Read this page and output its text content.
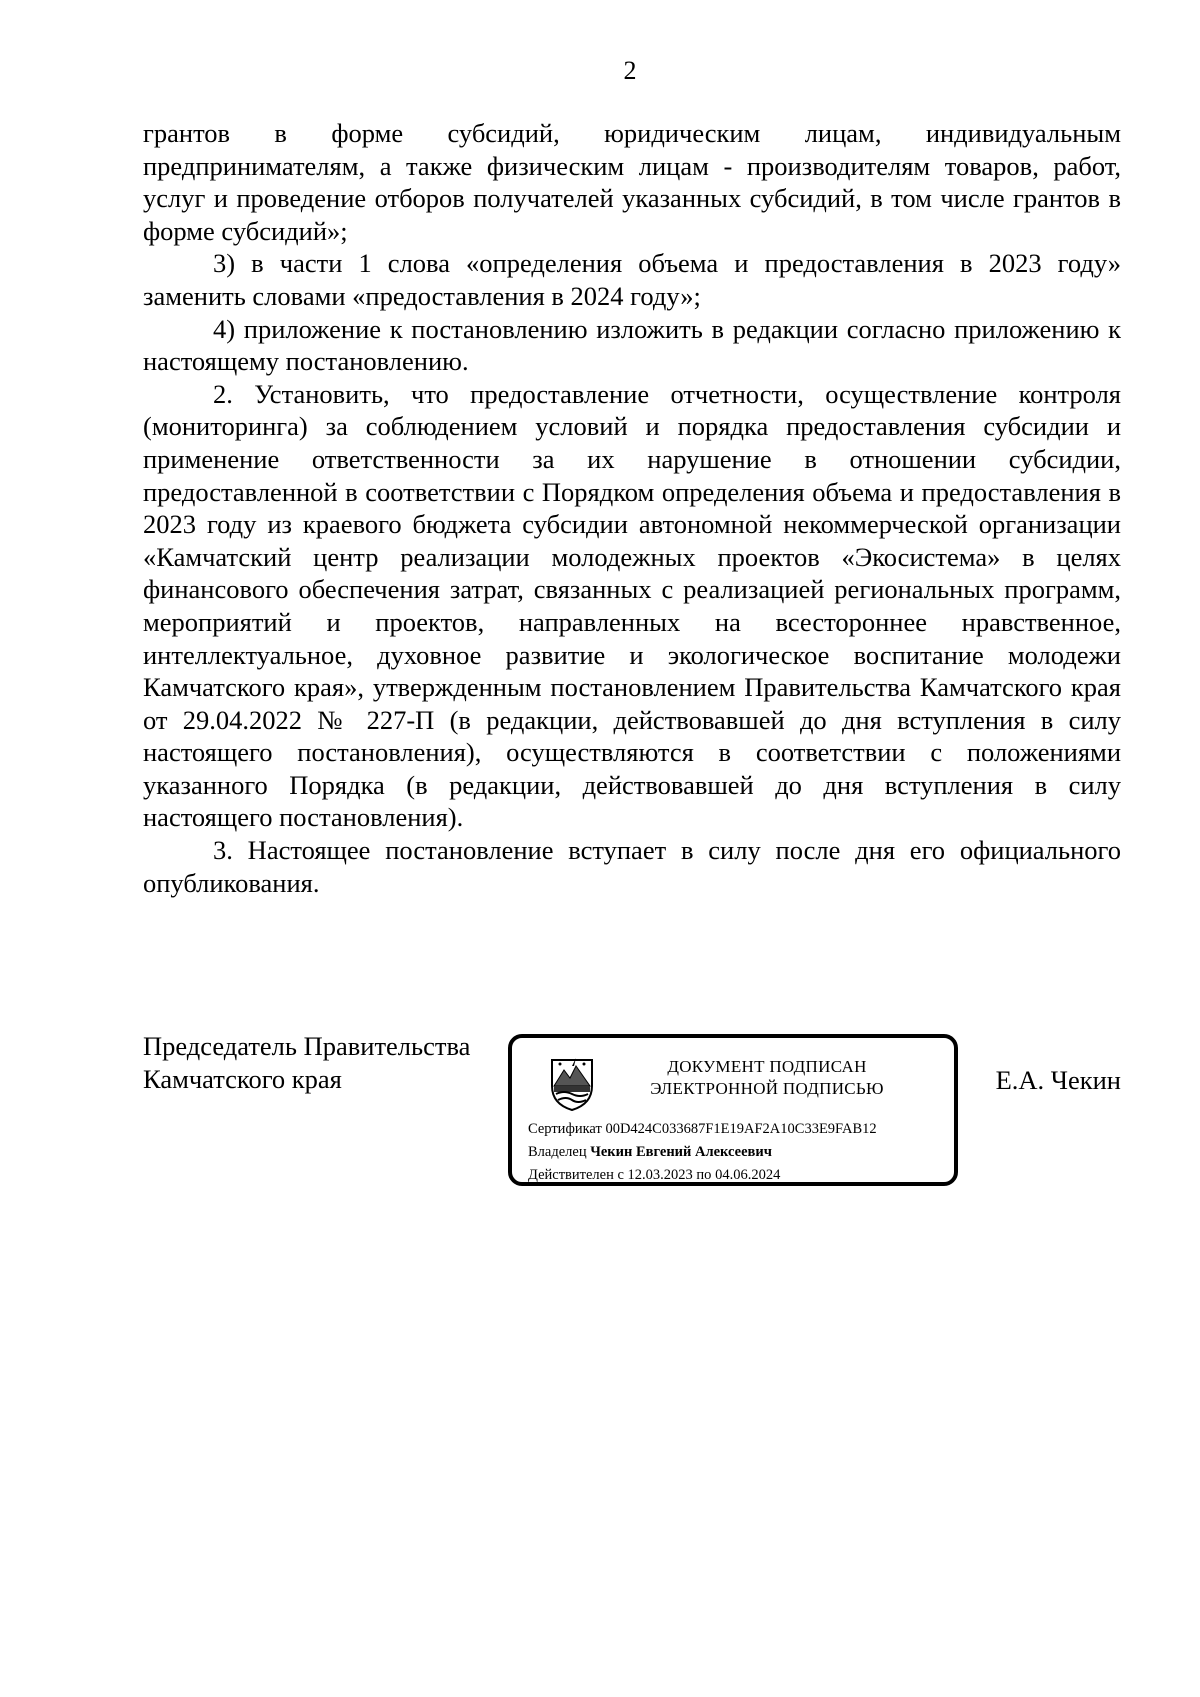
2

грантов в форме субсидий, юридическим лицам, индивидуальным предпринимателям, а также физическим лицам - производителям товаров, работ, услуг и проведение отборов получателей указанных субсидий, в том числе грантов в форме субсидий»;

3) в части 1 слова «определения объема и предоставления в 2023 году» заменить словами «предоставления в 2024 году»;

4) приложение к постановлению изложить в редакции согласно приложению к настоящему постановлению.

2. Установить, что предоставление отчетности, осуществление контроля (мониторинга) за соблюдением условий и порядка предоставления субсидии и применение ответственности за их нарушение в отношении субсидии, предоставленной в соответствии с Порядком определения объема и предоставления в 2023 году из краевого бюджета субсидии автономной некоммерческой организации «Камчатский центр реализации молодежных проектов «Экосистема» в целях финансового обеспечения затрат, связанных с реализацией региональных программ, мероприятий и проектов, направленных на всестороннее нравственное, интеллектуальное, духовное развитие и экологическое воспитание молодежи Камчатского края», утвержденным постановлением Правительства Камчатского края от 29.04.2022 № 227-П (в редакции, действовавшей до дня вступления в силу настоящего постановления), осуществляются в соответствии с положениями указанного Порядка (в редакции, действовавшей до дня вступления в силу настоящего постановления).

3. Настоящее постановление вступает в силу после дня его официального опубликования.

Председатель Правительства
Камчатского края	ДОКУМЕНТ ПОДПИСАН
ЭЛЕКТРОННОЙ ПОДПИСЬЮ
Сертификат 00D424C033687F1E19AF2A10C33E9FAB12
Владелец Чекин Евгений Алексеевич
Действителен с 12.03.2023 по 04.06.2024
Е.А. Чекин
